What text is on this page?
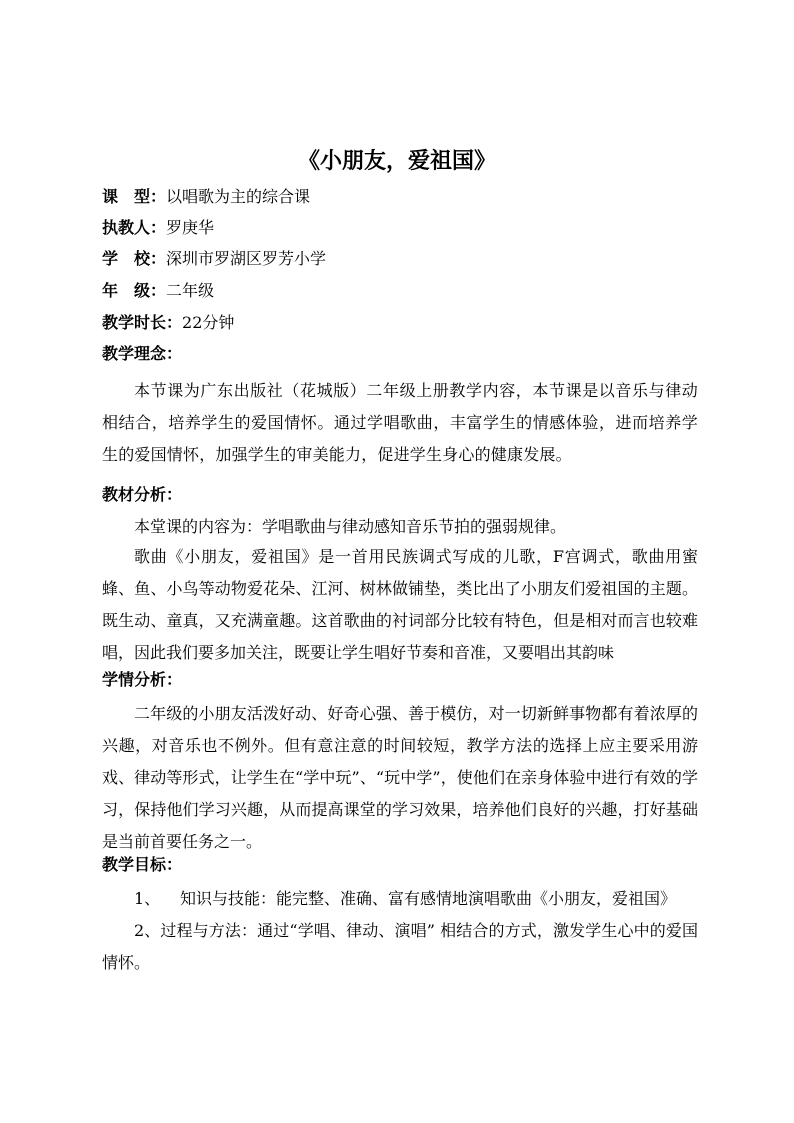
《小朋友，爱祖国》
课　型：以唱歌为主的综合课
执教人：罗庚华
学　校：深圳市罗湖区罗芳小学
年　级：二年级
教学时长：22分钟
教学理念：
本节课为广东出版社（花城版）二年级上册教学内容，本节课是以音乐与律动相结合，培养学生的爱国情怀。通过学唱歌曲，丰富学生的情感体验，进而培养学生的爱国情怀，加强学生的审美能力，促进学生身心的健康发展。
教材分析：
本堂课的内容为：学唱歌曲与律动感知音乐节拍的强弱规律。
歌曲《小朋友，爱祖国》是一首用民族调式写成的儿歌，F宫调式，歌曲用蜜蜂、鱼、小鸟等动物爱花朵、江河、树林做铺垫，类比出了小朋友们爱祖国的主题。既生动、童真，又充满童趣。这首歌曲的衬词部分比较有特色，但是相对而言也较难唱，因此我们要多加关注，既要让学生唱好节奏和音准，又要唱出其韵味
学情分析：
二年级的小朋友活泼好动、好奇心强、善于模仿，对一切新鲜事物都有着浓厚的兴趣，对音乐也不例外。但有意注意的时间较短，教学方法的选择上应主要采用游戏、律动等形式，让学生在“学中玩”、“玩中学”，使他们在亲身体验中进行有效的学习，保持他们学习兴趣，从而提高课堂的学习效果，培养他们良好的兴趣，打好基础是当前首要任务之一。
教学目标：
1、 知识与技能：能完整、准确、富有感情地演唱歌曲《小朋友，爱祖国》
2、过程与方法：通过“学唱、律动、演唱” 相结合的方式，激发学生心中的爱国情怀。
